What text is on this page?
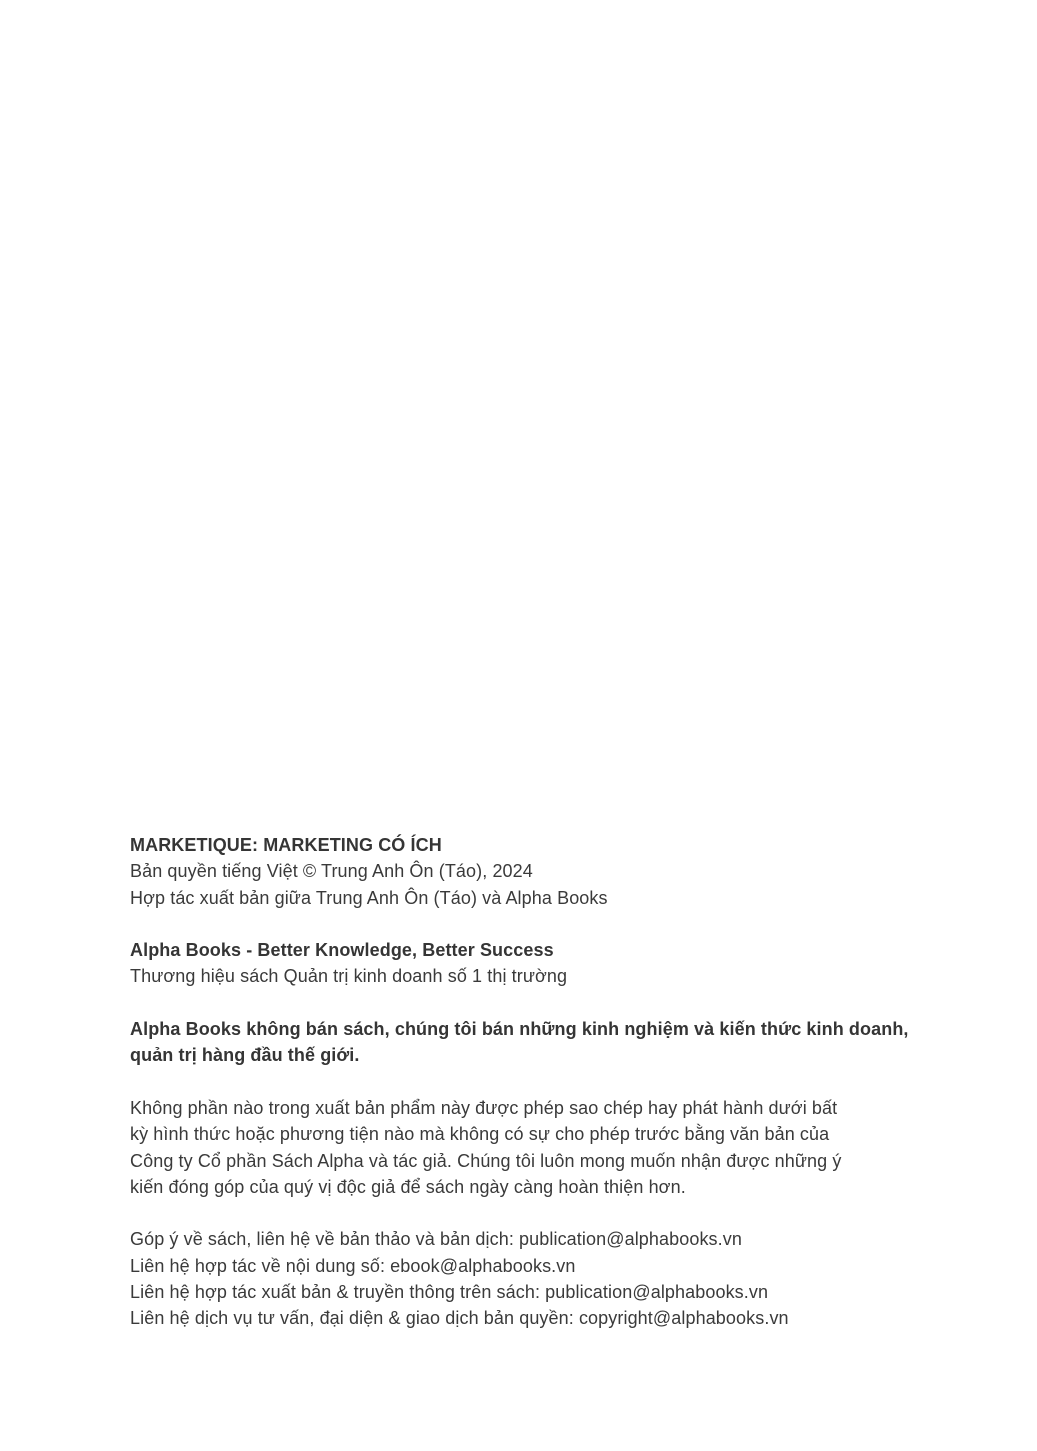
MARKETIQUE: MARKETING CÓ ÍCH
Bản quyền tiếng Việt © Trung Anh Ôn (Táo), 2024
Hợp tác xuất bản giữa Trung Anh Ôn (Táo) và Alpha Books
Alpha Books - Better Knowledge, Better Success
Thương hiệu sách Quản trị kinh doanh số 1 thị trường
Alpha Books không bán sách, chúng tôi bán những kinh nghiệm và kiến thức kinh doanh,
quản trị hàng đầu thế giới.
Không phần nào trong xuất bản phẩm này được phép sao chép hay phát hành dưới bất
kỳ hình thức hoặc phương tiện nào mà không có sự cho phép trước bằng văn bản của
Công ty Cổ phần Sách Alpha và tác giả. Chúng tôi luôn mong muốn nhận được những ý
kiến đóng góp của quý vị độc giả để sách ngày càng hoàn thiện hơn.
Góp ý về sách, liên hệ về bản thảo và bản dịch: publication@alphabooks.vn
Liên hệ hợp tác về nội dung số: ebook@alphabooks.vn
Liên hệ hợp tác xuất bản & truyền thông trên sách: publication@alphabooks.vn
Liên hệ dịch vụ tư vấn, đại diện & giao dịch bản quyền: copyright@alphabooks.vn
